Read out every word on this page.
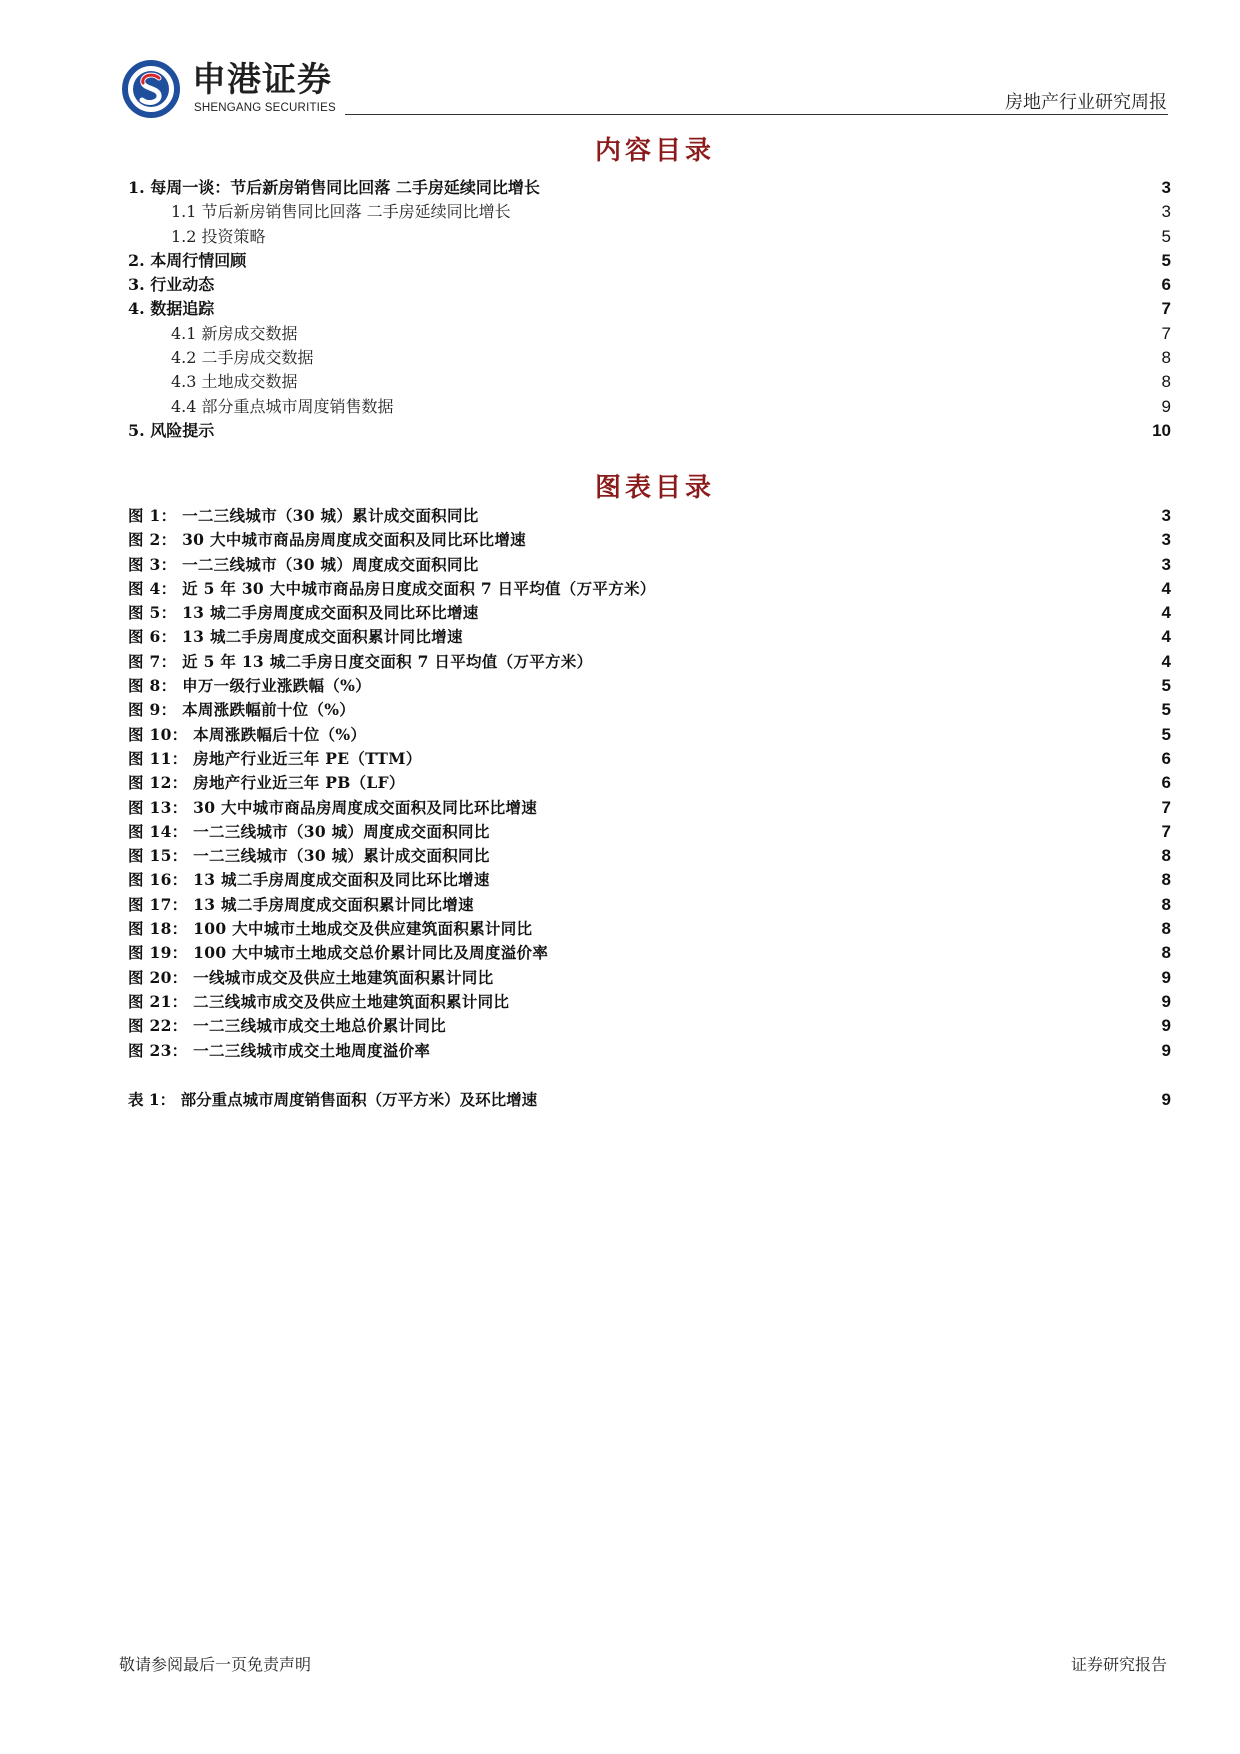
申港证券
SHENGANG SECURITIES	房地产行业研究周报
内容目录
1. 每周一谈：节后新房销售同比回落 二手房延续同比增长	3
1.1 节后新房销售同比回落 二手房延续同比增长	3
1.2 投资策略	5
2. 本周行情回顾	5
3. 行业动态	6
4. 数据追踪	7
4.1 新房成交数据	7
4.2 二手房成交数据	8
4.3 土地成交数据	8
4.4 部分重点城市周度销售数据	9
5. 风险提示	10
图表目录
图 1： 一二三线城市（30 城）累计成交面积同比	3
图 2： 30 大中城市商品房周度成交面积及同比环比增速	3
图 3： 一二三线城市（30 城）周度成交面积同比	3
图 4： 近 5 年 30 大中城市商品房日度成交面积 7 日平均值（万平方米）	4
图 5： 13 城二手房周度成交面积及同比环比增速	4
图 6： 13 城二手房周度成交面积累计同比增速	4
图 7： 近 5 年 13 城二手房日度交面积 7 日平均值（万平方米）	4
图 8： 申万一级行业涨跌幅（%）	5
图 9： 本周涨跌幅前十位（%）	5
图 10： 本周涨跌幅后十位（%）	5
图 11： 房地产行业近三年 PE（TTM）	6
图 12： 房地产行业近三年 PB（LF）	6
图 13： 30 大中城市商品房周度成交面积及同比环比增速	7
图 14： 一二三线城市（30 城）周度成交面积同比	7
图 15： 一二三线城市（30 城）累计成交面积同比	8
图 16： 13 城二手房周度成交面积及同比环比增速	8
图 17： 13 城二手房周度成交面积累计同比增速	8
图 18： 100 大中城市土地成交及供应建筑面积累计同比	8
图 19： 100 大中城市土地成交总价累计同比及周度溢价率	8
图 20： 一线城市成交及供应土地建筑面积累计同比	9
图 21： 二三线城市成交及供应土地建筑面积累计同比	9
图 22： 一二三线城市成交土地总价累计同比	9
图 23： 一二三线城市成交土地周度溢价率	9
表 1： 部分重点城市周度销售面积（万平方米）及环比增速	9
敬请参阅最后一页免责声明	证券研究报告
